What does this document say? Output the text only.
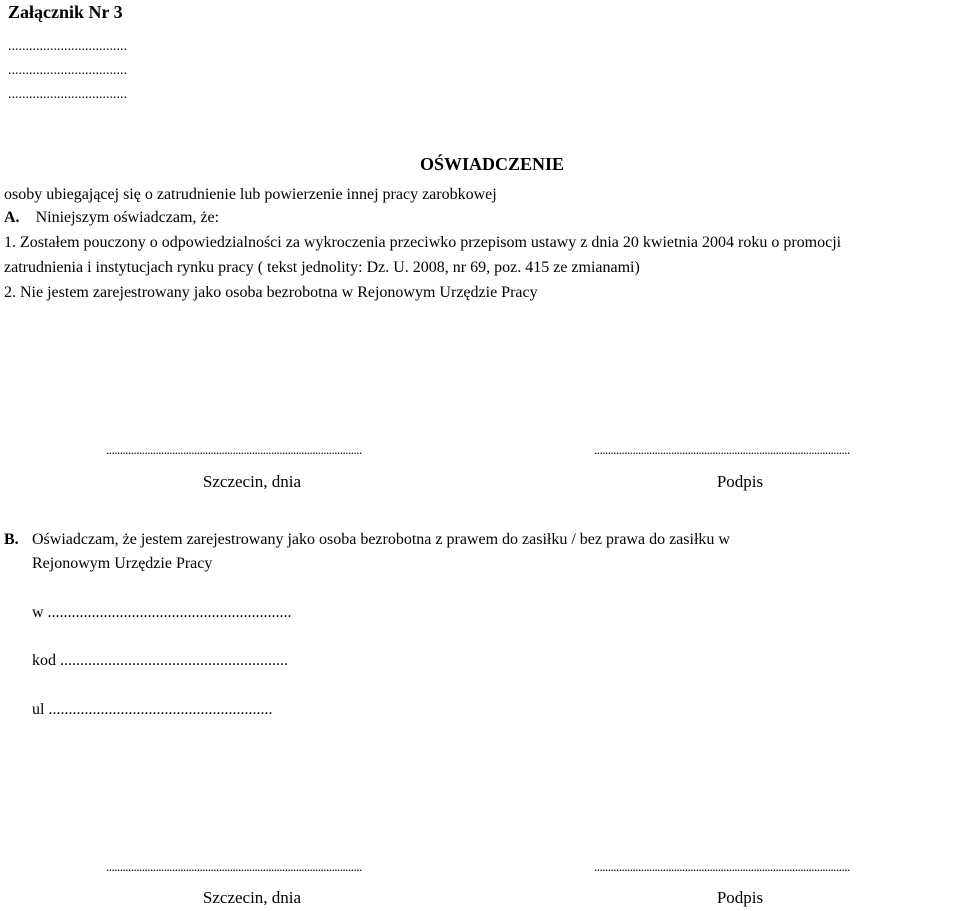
Załącznik Nr 3
..................................
..................................
..................................
OŚWIADCZENIE
osoby ubiegającej się o zatrudnienie lub powierzenie innej pracy zarobkowej
A. Niniejszym oświadczam, że:
1. Zostałem pouczony o odpowiedzialności za wykroczenia przeciwko przepisom ustawy z dnia 20 kwietnia 2004 roku o promocji
zatrudnienia i instytucjach rynku pracy ( tekst jednolity: Dz. U. 2008, nr 69, poz. 415 ze zmianami)
2. Nie jestem zarejestrowany jako osoba bezrobotna w Rejonowym Urzędzie Pracy
.............................................................................................	.............................................................................................
Szczecin, dnia	Podpis
B. Oświadczam, że jestem zarejestrowany jako osoba bezrobotna z prawem do zasiłku / bez prawa do zasiłku w
Rejonowym Urzędzie Pracy
w .............................................................
kod .........................................................
ul ........................................................
.............................................................................................	.............................................................................................
Szczecin, dnia	Podpis
